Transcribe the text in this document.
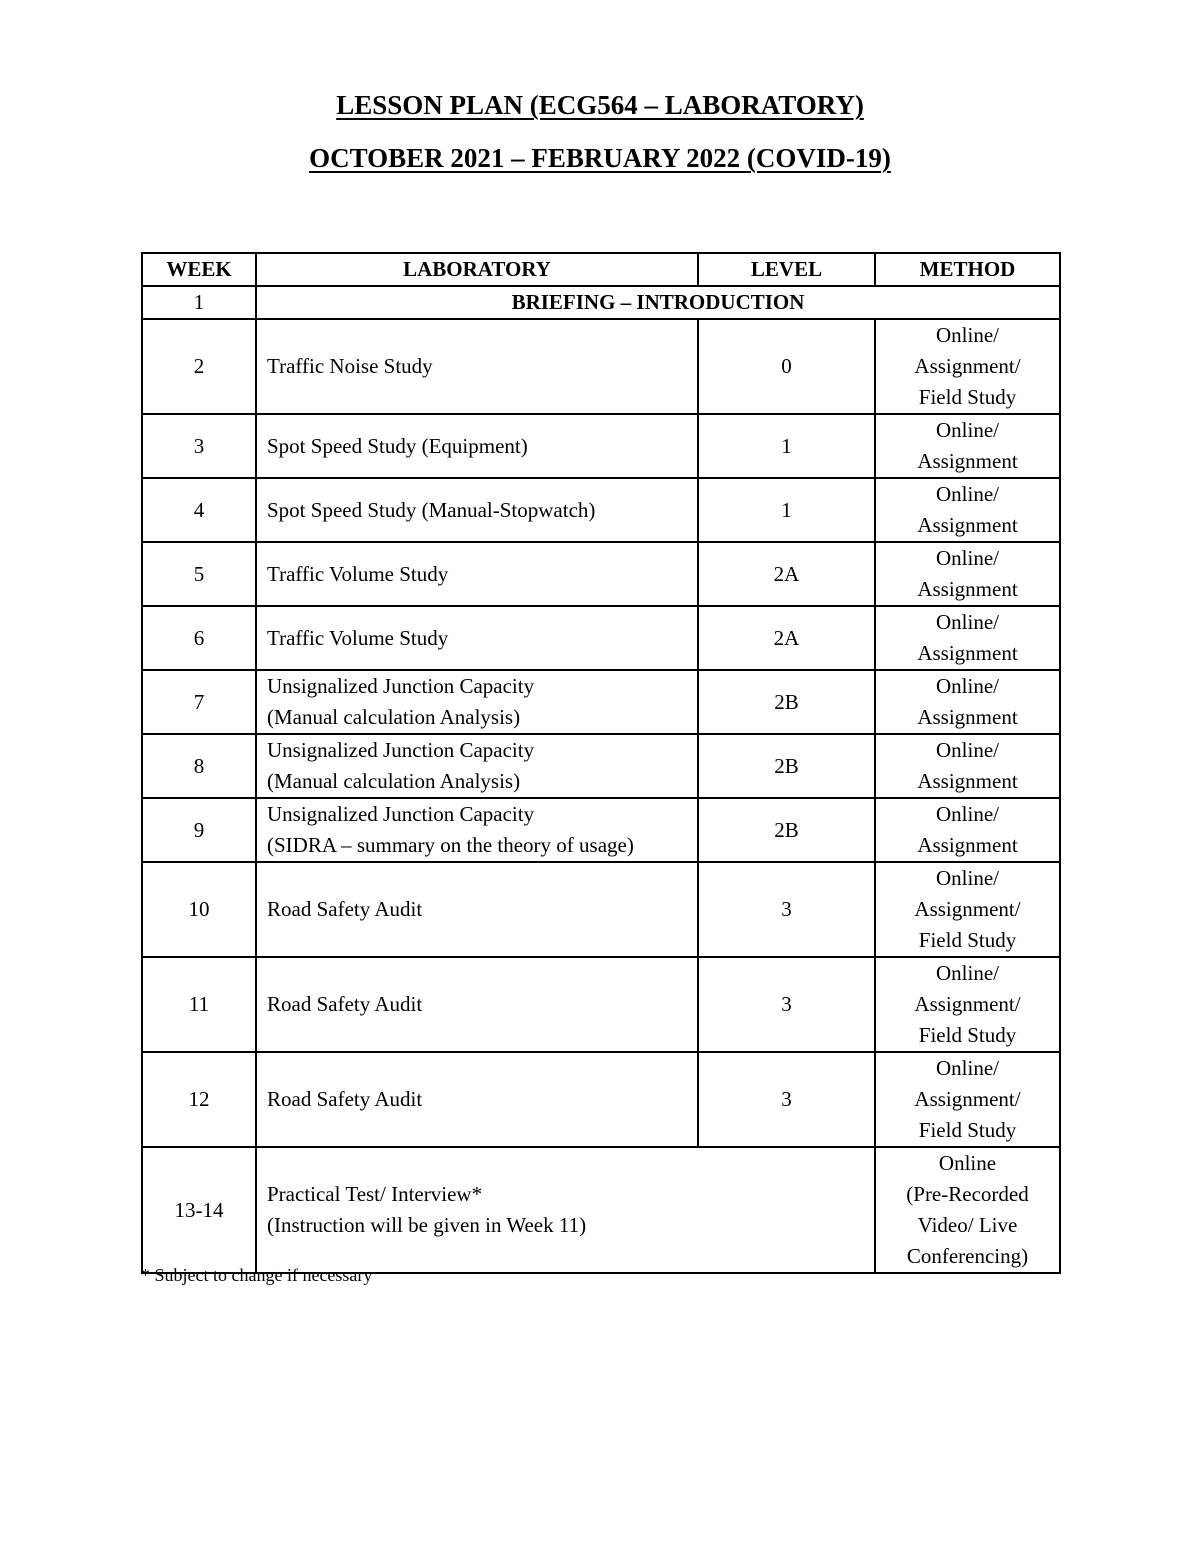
LESSON PLAN (ECG564 – LABORATORY)
OCTOBER 2021 – FEBRUARY 2022 (COVID-19)
WEEK	LABORATORY	LEVEL	METHOD
1	BRIEFING – INTRODUCTION		
2	Traffic Noise Study	0	Online/
Assignment/
Field Study

3	Spot Speed Study (Equipment)	1	Online/
Assignment

4	Spot Speed Study (Manual-Stopwatch)	1	Online/
Assignment

5	Traffic Volume Study	2A	Online/
Assignment

6	Traffic Volume Study	2A	Online/
Assignment

7	Unsignalized Junction Capacity
(Manual calculation Analysis)	2B	Online/
Assignment

8	Unsignalized Junction Capacity
(Manual calculation Analysis)	2B	Online/
Assignment

9	Unsignalized Junction Capacity
(SIDRA – summary on the theory of usage)	2B	Online/
Assignment

10	Road Safety Audit	3	Online/
Assignment/
Field Study

11	Road Safety Audit	3	Online/
Assignment/
Field Study

12	Road Safety Audit	3	Online/
Assignment/
Field Study

13-14	Practical Test/ Interview*
(Instruction will be given in Week 11)		Online
(Pre-Recorded
Video/ Live
Conferencing)
* Subject to change if necessary
